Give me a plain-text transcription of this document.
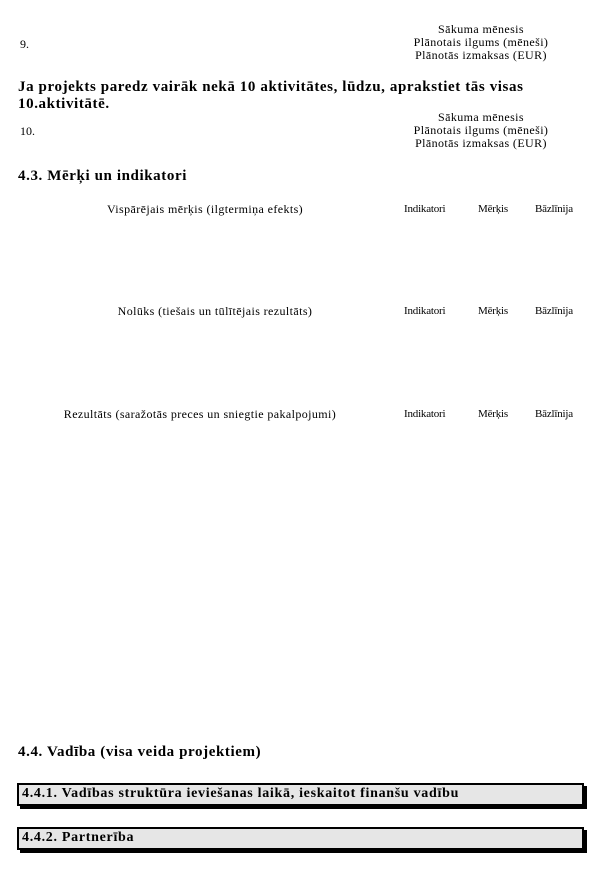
9.
Sākuma mēnesis
Plānotais ilgums (mēneši)
Plānotās izmaksas (EUR)
Ja projekts paredz vairāk nekā 10 aktivitātes, lūdzu, aprakstiet tās visas 10.aktivitātē.
10.
Sākuma mēnesis
Plānotais ilgums (mēneši)
Plānotās izmaksas (EUR)
4.3. Mērķi un indikatori
Vispārējais mērķis (ilgtermiņa efekts)	Indikatori	Mērķis Bāzlīnija
Nolūks (tiešais un tūlītējais rezultāts)	Indikatori	Mērķis Bāzlīnija
Rezultāts (saražotās preces un sniegtie pakalpojumi)	Indikatori	Mērķis Bāzlīnija
4.4. Vadība (visa veida projektiem)
4.4.1. Vadības struktūra ieviešanas laikā, ieskaitot finanšu vadību
4.4.2. Partnerība
